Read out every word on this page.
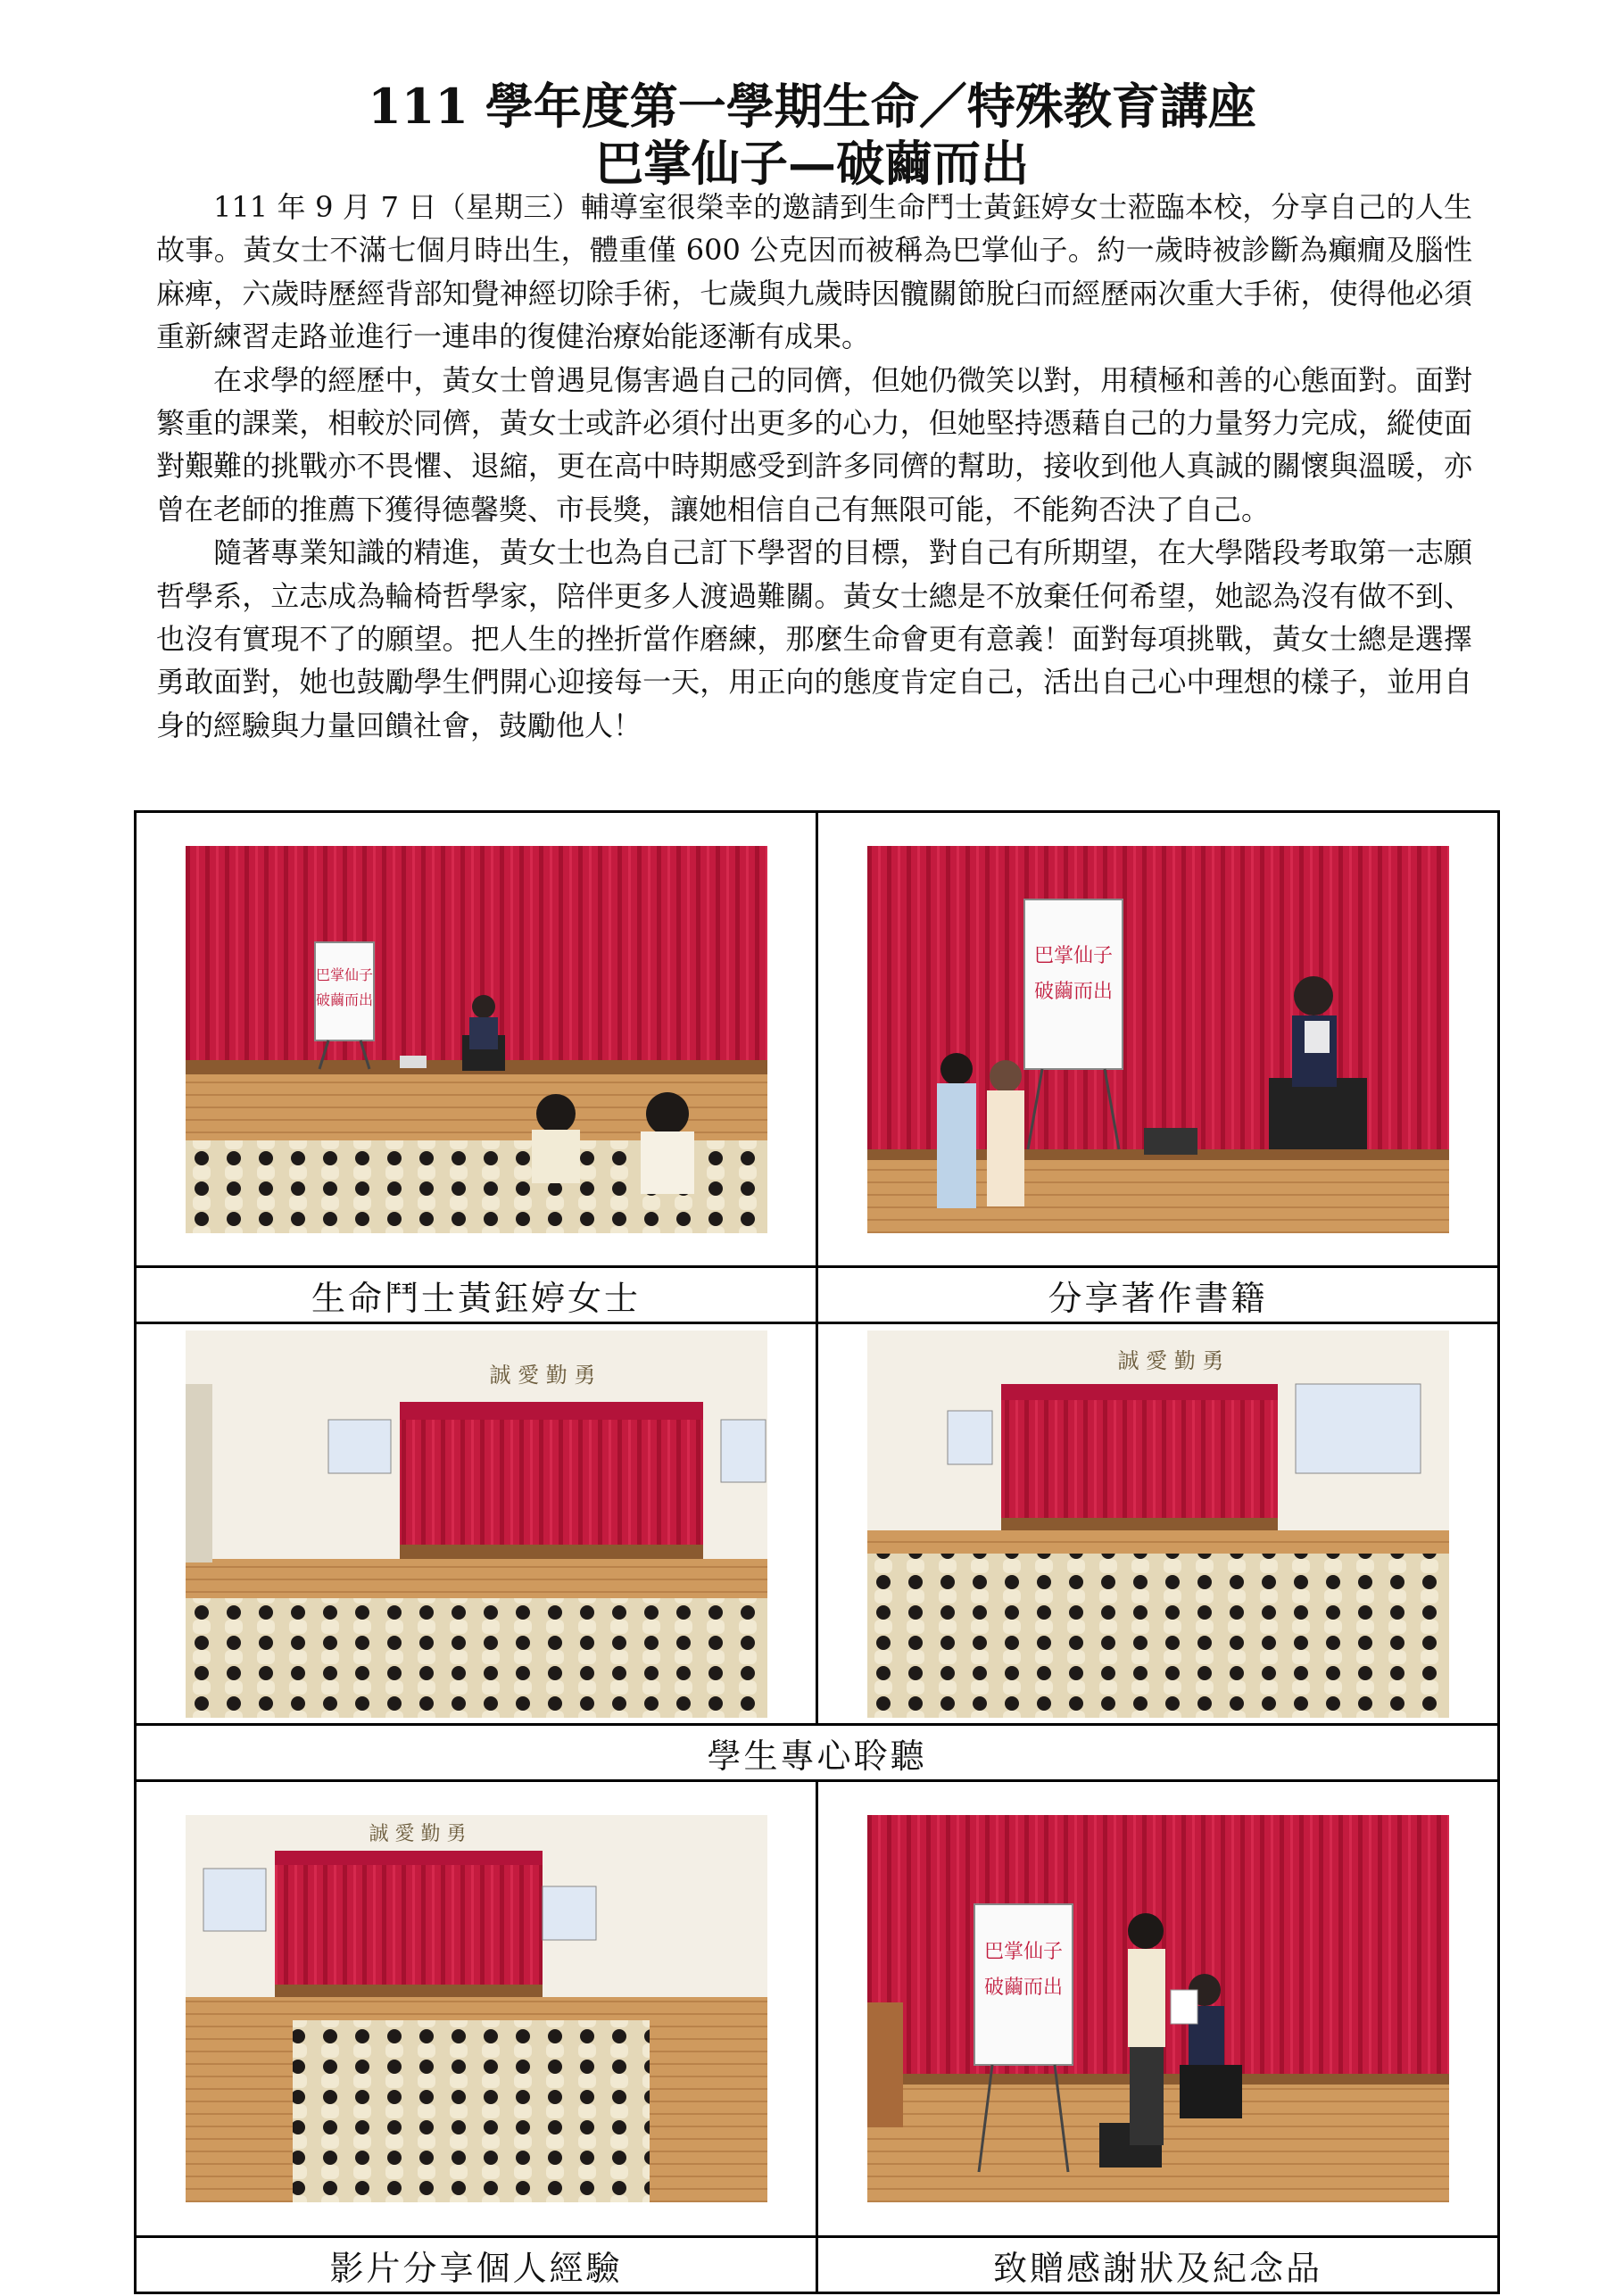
111 學年度第一學期生命／特殊教育講座
巴掌仙子—破繭而出

111 年 9 月 7 日（星期三）輔導室很榮幸的邀請到生命鬥士黃鈺婷女士蒞臨本校，分享自己的人生故事。黃女士不滿七個月時出生，體重僅 600 公克因而被稱為巴掌仙子。約一歲時被診斷為癲癇及腦性麻痺，六歲時歷經背部知覺神經切除手術，七歲與九歲時因髖關節脫臼而經歷兩次重大手術，使得他必須重新練習走路並進行一連串的復健治療始能逐漸有成果。

在求學的經歷中，黃女士曾遇見傷害過自己的同儕，但她仍微笑以對，用積極和善的心態面對。面對繁重的課業，相較於同儕，黃女士或許必須付出更多的心力，但她堅持憑藉自己的力量努力完成，縱使面對艱難的挑戰亦不畏懼、退縮，更在高中時期感受到許多同儕的幫助，接收到他人真誠的關懷與溫暖，亦曾在老師的推薦下獲得德馨獎、市長獎，讓她相信自己有無限可能，不能夠否決了自己。

隨著專業知識的精進，黃女士也為自己訂下學習的目標，對自己有所期望，在大學階段考取第一志願哲學系，立志成為輪椅哲學家，陪伴更多人渡過難關。黃女士總是不放棄任何希望，她認為沒有做不到、也沒有實現不了的願望。把人生的挫折當作磨練，那麼生命會更有意義！面對每項挑戰，黃女士總是選擇勇敢面對，她也鼓勵學生們開心迎接每一天，用正向的態度肯定自己，活出自己心中理想的樣子，並用自身的經驗與力量回饋社會，鼓勵他人！

巴掌仙子
破繭而出	巴掌仙子
破繭而出

生命鬥士黃鈺婷女士	分享著作書籍

誠 愛 勤 勇	誠 愛 勤 勇

學生專心聆聽	

誠 愛 勤 勇	巴掌仙子
破繭而出

影片分享個人經驗	致贈感謝狀及紀念品
